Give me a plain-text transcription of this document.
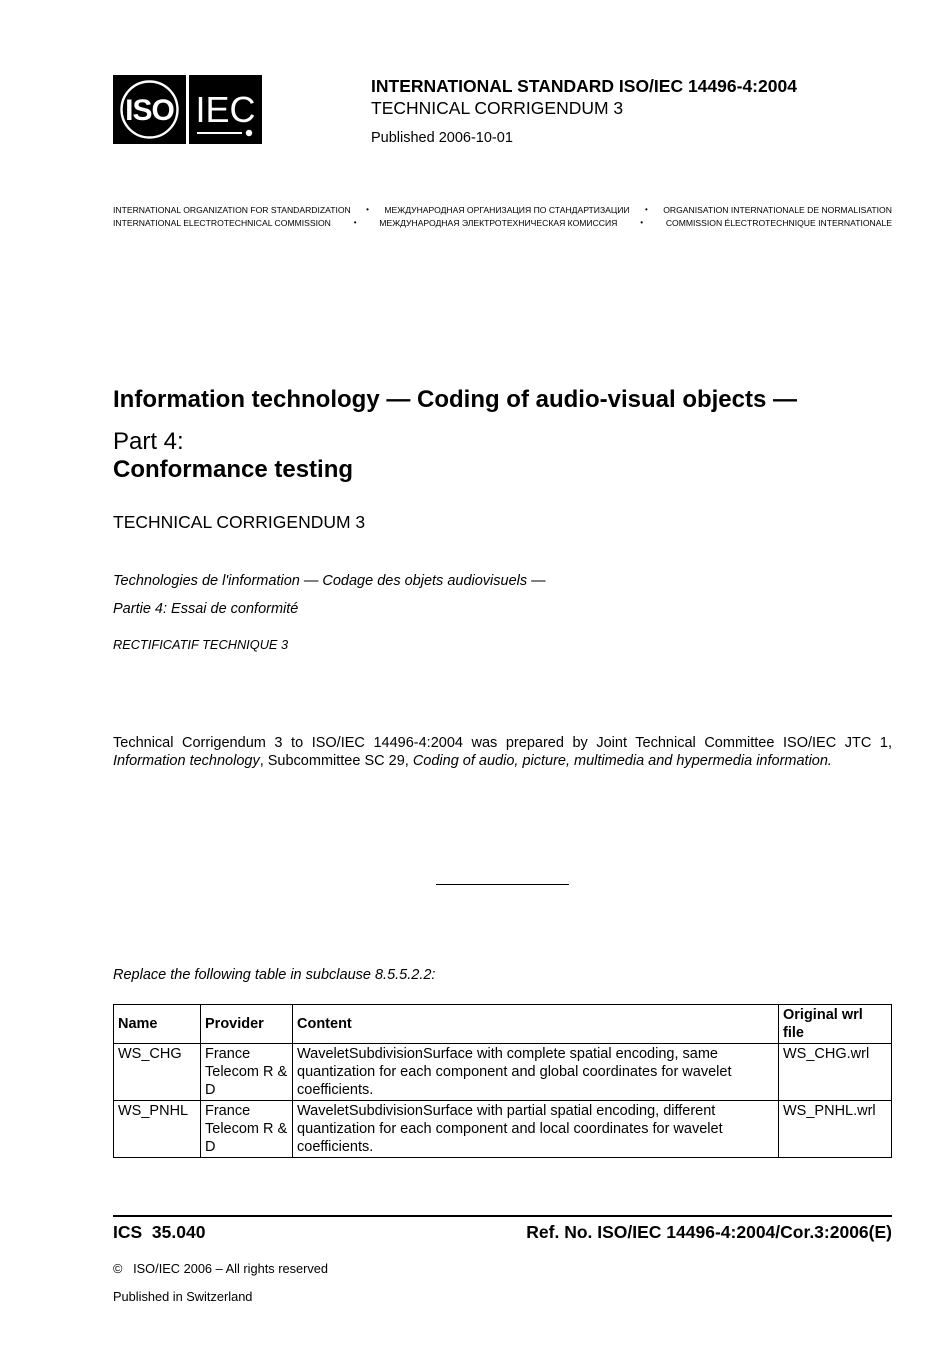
ISO IEC
INTERNATIONAL STANDARD ISO/IEC 14496-4:2004
TECHNICAL CORRIGENDUM 3
Published 2006-10-01
INTERNATIONAL ORGANIZATION FOR STANDARDIZATION • МЕЖДУНАРОДНАЯ ОРГАНИЗАЦИЯ ПО СТАНДАРТИЗАЦИИ • ORGANISATION INTERNATIONALE DE NORMALISATION
INTERNATIONAL ELECTROTECHNICAL COMMISSION	•	МЕЖДУНАРОДНАЯ ЭЛЕКТРОТЕХНИЧЕСКАЯ КОМИССИЯ	•	COMMISSION ÉLECTROTECHNIQUE INTERNATIONALE
Information technology — Coding of audio-visual objects —
Part 4:
Conformance testing
TECHNICAL CORRIGENDUM 3
Technologies de l'information — Codage des objets audiovisuels —
Partie 4: Essai de conformité
RECTIFICATIF TECHNIQUE 3
Technical Corrigendum 3 to ISO/IEC 14496-4:2004 was prepared by Joint Technical Committee ISO/IEC JTC 1, Information technology, Subcommittee SC 29, Coding of audio, picture, multimedia and hypermedia information.
Replace the following table in subclause 8.5.5.2.2:
Name	Provider	Content	Original wrl file
WS_CHG	France Telecom R & D	WaveletSubdivisionSurface with complete spatial encoding, same quantization for each component and global coordinates for wavelet coefficients.	WS_CHG.wrl
WS_PNHL	France Telecom R & D	WaveletSubdivisionSurface with partial spatial encoding, different quantization for each component and local coordinates for wavelet coefficients.	WS_PNHL.wrl
ICS  35.040	Ref. No. ISO/IEC 14496-4:2004/Cor.3:2006(E)
©   ISO/IEC 2006 – All rights reserved
Published in Switzerland
